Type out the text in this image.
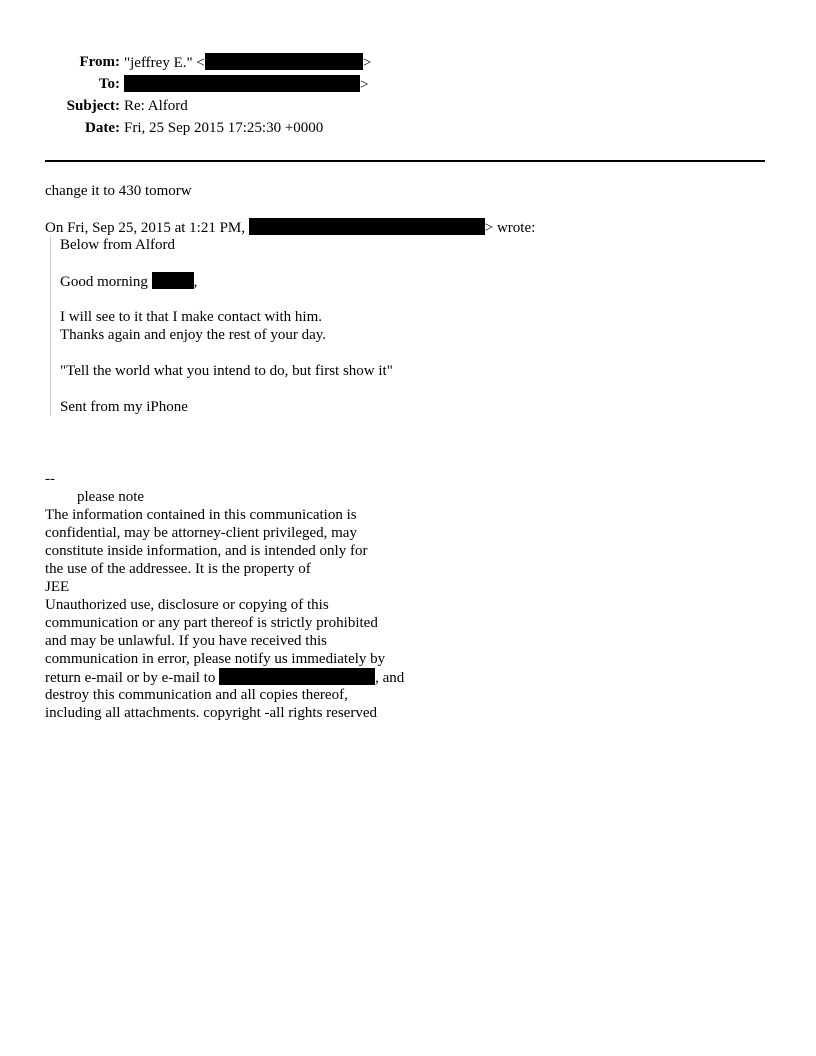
From: "jeffrey E." <	>
To:	>
Subject: Re: Alford
Date: Fri, 25 Sep 2015 17:25:30 +0000
change it to 430 tomorw
On Fri, Sep 25, 2015 at 1:21 PM,	> wrote:
Below from Alford
Good morning	,
I will see to it that I make contact with him.
Thanks again and enjoy the rest of your day.
"Tell the world what you intend to do, but first show it"
Sent from my iPhone
--
please note
The information contained in this communication is
confidential, may be attorney-client privileged, may
constitute inside information, and is intended only for
the use of the addressee. It is the property of
JEE
Unauthorized use, disclosure or copying of this
communication or any part thereof is strictly prohibited
and may be unlawful. If you have received this
communication in error, please notify us immediately by
return e-mail or by e-mail to	, and
destroy this communication and all copies thereof,
including all attachments. copyright -all rights reserved
